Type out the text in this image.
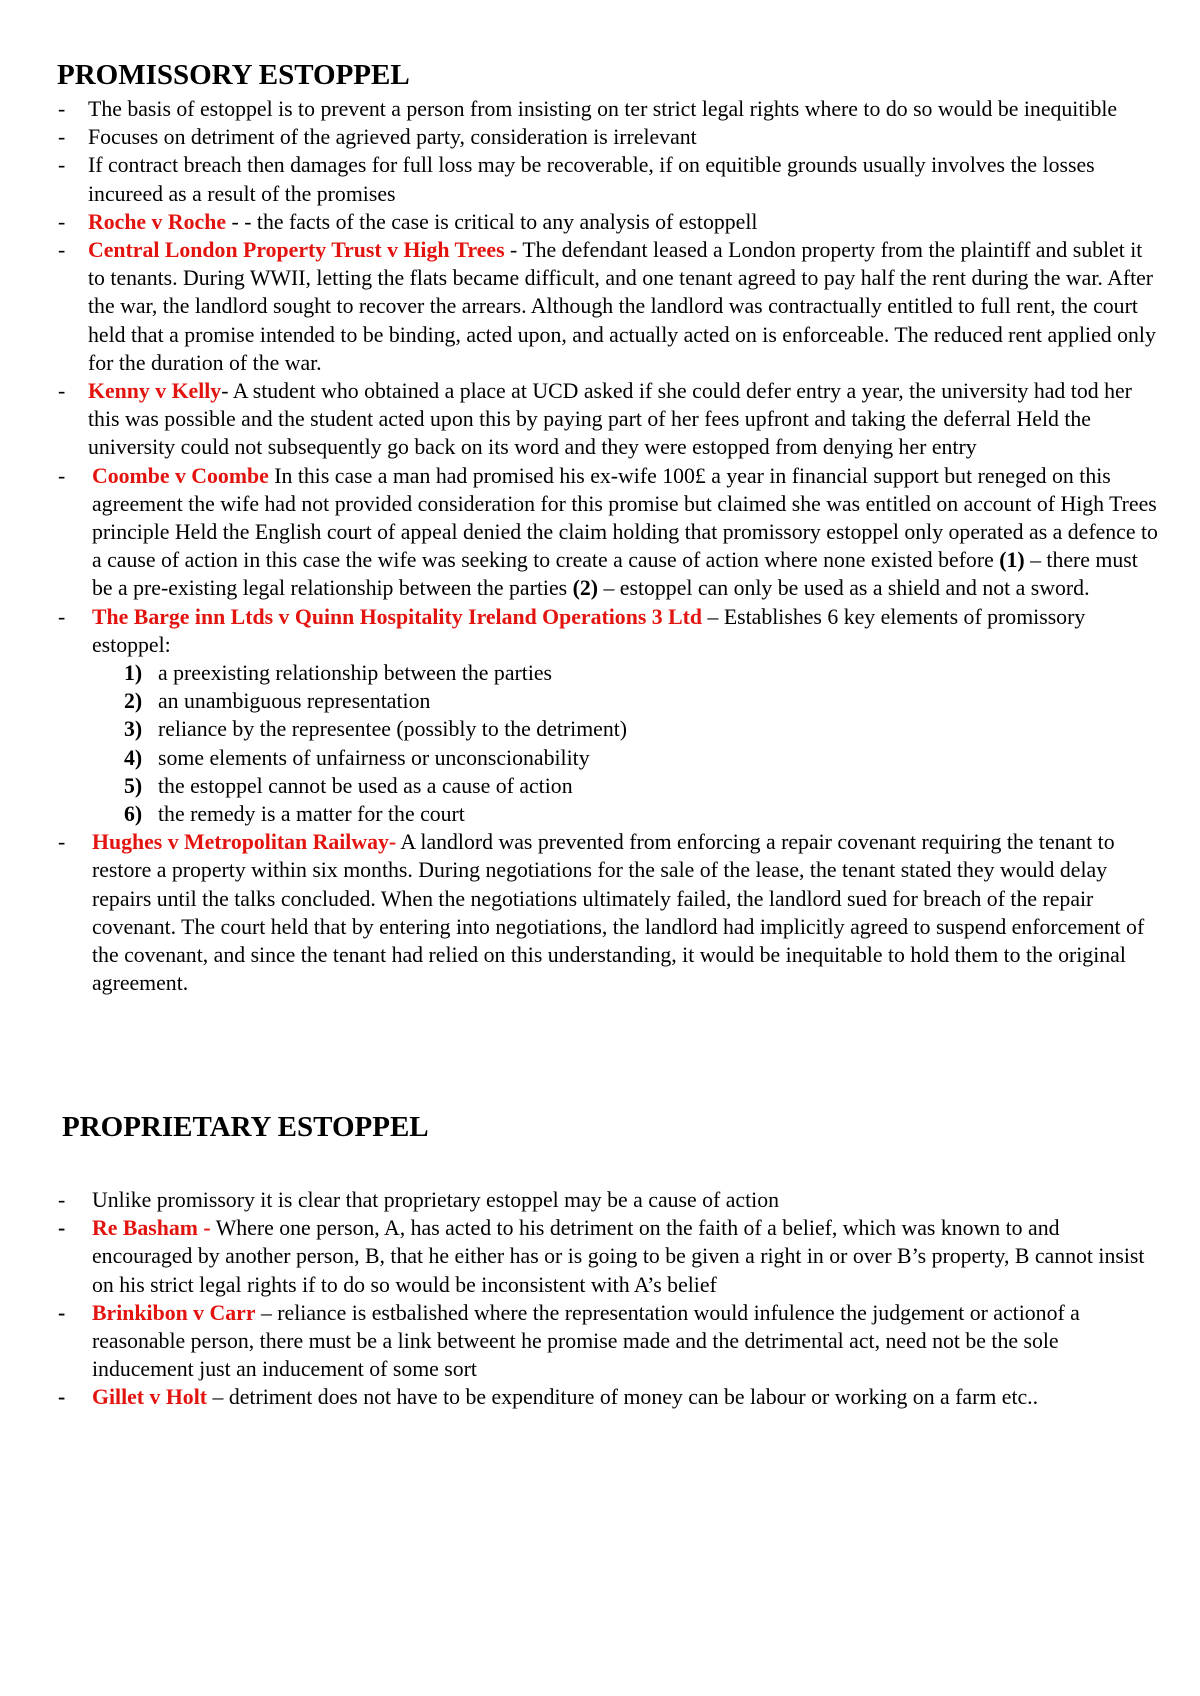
PROMISSORY ESTOPPEL
- The basis of estoppel is to prevent a person from insisting on ter strict legal rights where to do so would be inequitible
- Focuses on detriment of the agrieved party, consideration is irrelevant
- If contract breach then damages for full loss may be recoverable, if on equitible grounds usually involves the losses incureed as a result of the promises
- Roche v Roche - - the facts of the case is critical to any analysis of estoppell
- Central London Property Trust v High Trees - The defendant leased a London property from the plaintiff and sublet it to tenants. During WWII, letting the flats became difficult, and one tenant agreed to pay half the rent during the war. After the war, the landlord sought to recover the arrears. Although the landlord was contractually entitled to full rent, the court held that a promise intended to be binding, acted upon, and actually acted on is enforceable. The reduced rent applied only for the duration of the war.
- Kenny v Kelly- A student who obtained a place at UCD asked if she could defer entry a year, the university had tod her this was possible and the student acted upon this by paying part of her fees upfront and taking the deferral Held the university could not subsequently go back on its word and they were estopped from denying her entry
- Coombe v Coombe In this case a man had promised his ex-wife 100£ a year in financial support but reneged on this agreement the wife had not provided consideration for this promise but claimed she was entitled on account of High Trees principle Held the English court of appeal denied the claim holding that promissory estoppel only operated as a defence to a cause of action in this case the wife was seeking to create a cause of action where none existed before (1) – there must be a pre-existing legal relationship between the parties (2) – estoppel can only be used as a shield and not a sword.
- The Barge inn Ltds v Quinn Hospitality Ireland Operations 3 Ltd – Establishes 6 key elements of promissory estoppel:
1) a preexisting relationship between the parties
2) an unambiguous representation
3) reliance by the representee (possibly to the detriment)
4) some elements of unfairness or unconscionability
5) the estoppel cannot be used as a cause of action
6) the remedy is a matter for the court
- Hughes v Metropolitan Railway- A landlord was prevented from enforcing a repair covenant requiring the tenant to restore a property within six months. During negotiations for the sale of the lease, the tenant stated they would delay repairs until the talks concluded. When the negotiations ultimately failed, the landlord sued for breach of the repair covenant. The court held that by entering into negotiations, the landlord had implicitly agreed to suspend enforcement of the covenant, and since the tenant had relied on this understanding, it would be inequitable to hold them to the original agreement.
PROPRIETARY ESTOPPEL
- Unlike promissory it is clear that proprietary estoppel may be a cause of action
- Re Basham - Where one person, A, has acted to his detriment on the faith of a belief, which was known to and encouraged by another person, B, that he either has or is going to be given a right in or over B’s property, B cannot insist on his strict legal rights if to do so would be inconsistent with A’s belief
- Brinkibon v Carr – reliance is estbalished where the representation would infulence the judgement or actionof a reasonable person, there must be a link betweent he promise made and the detrimental act, need not be the sole inducement just an inducement of some sort
- Gillet v Holt – detriment does not have to be expenditure of money can be labour or working on a farm etc..
